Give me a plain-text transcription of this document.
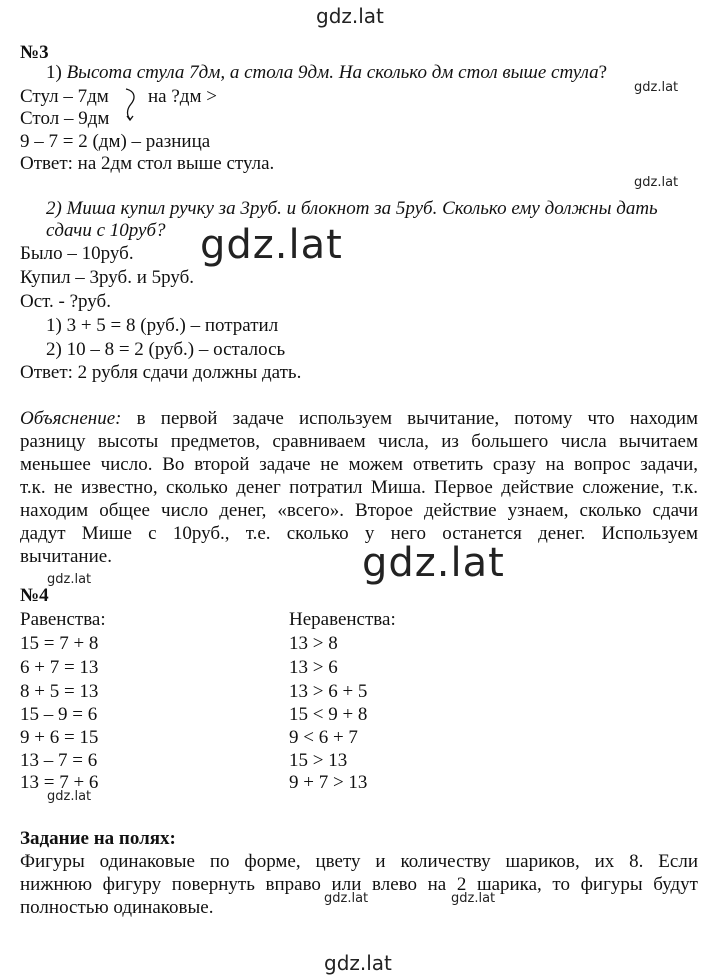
gdz.lat
gdz.lat
gdz.lat
gdz.lat
gdz.lat
gdz.lat
gdz.lat
gdz.lat	gdz.lat
gdz.lat
№3
1) Высота стула 7дм, а стола 9дм. На сколько дм стол выше стула?
Стул – 7дм на ?дм >
Стол – 9дм
9 – 7 = 2 (дм) – разница
Ответ: на 2дм стол выше стула.
2) Миша купил ручку за 3руб. и блокнот за 5руб. Сколько ему должны дать
сдачи с 10руб?
Было – 10руб.
Купил – 3руб. и 5руб.
Ост. - ?руб.
1) 3 + 5 = 8 (руб.) – потратил
2) 10 – 8 = 2 (руб.) – осталось
Ответ: 2 рубля сдачи должны дать.
Объяснение: в первой задаче используем вычитание, потому что находим
разницу высоты предметов, сравниваем числа, из большего числа вычитаем
меньшее число. Во второй задаче не можем ответить сразу на вопрос задачи,
т.к. не известно, сколько денег потратил Миша. Первое действие сложение, т.к.
находим общее число денег, «всего». Второе действие узнаем, сколько сдачи
дадут Мише с 10руб., т.е. сколько у него останется денег. Используем
вычитание.
№4
Равенства:	Неравенства:
15 = 7 + 8
6 + 7 = 13
8 + 5 = 13
15 – 9 = 6
9 + 6 = 15
13 – 7 = 6
13 = 7 + 6
13 > 8
13 > 6
13 > 6 + 5
15 < 9 + 8
9 < 6 + 7
15 > 13
9 + 7 > 13
Задание на полях:
Фигуры одинаковые по форме, цвету и количеству шариков, их 8. Если
нижнюю фигуру повернуть вправо или влево на 2 шарика, то фигуры будут
полностью одинаковые.
